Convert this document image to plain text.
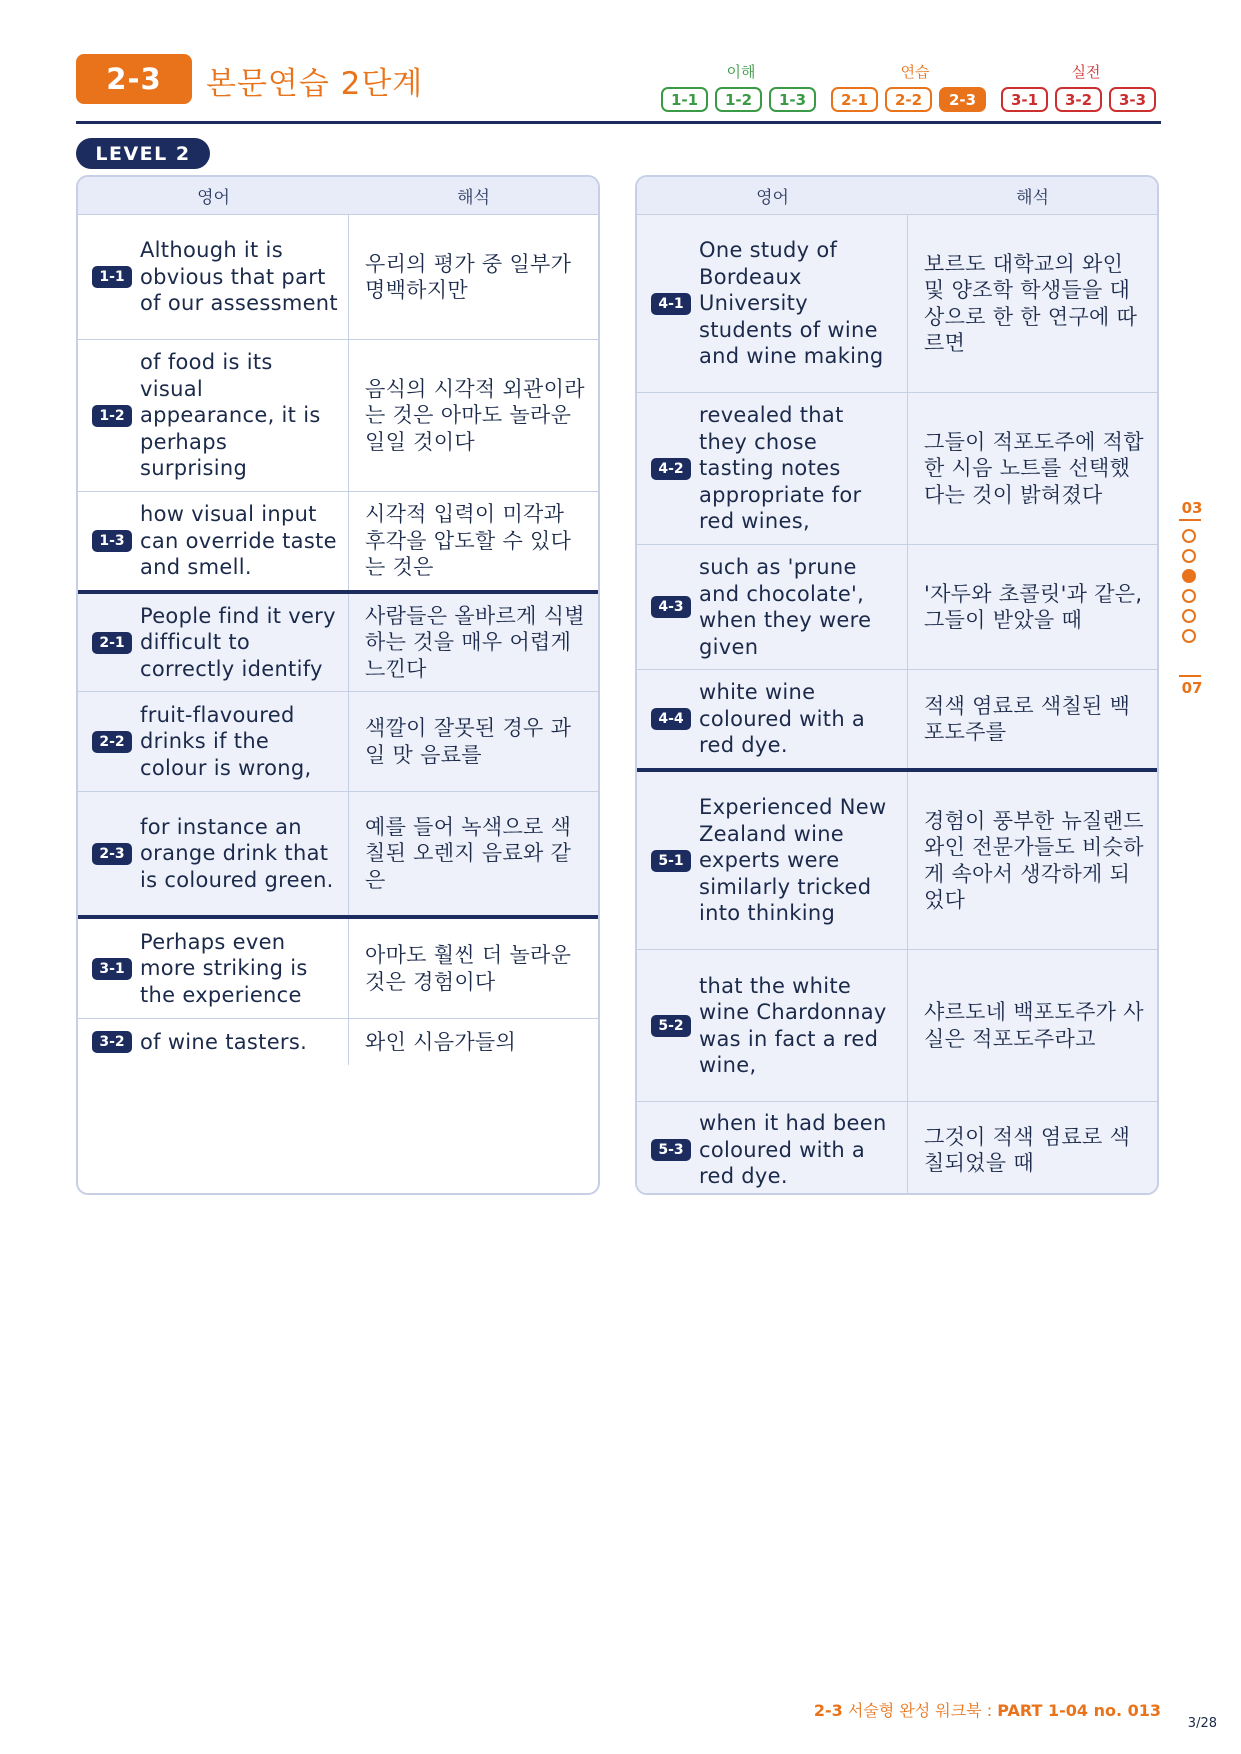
2-3	본문연습 2단계	이해	연습	실전
1-1	1-2	1-3	2-1	2-2	2-3	3-1	3-2	3-3
LEVEL 2
영어	해석
1-1
Although it is obvious that part of our assessment
우리의 평가 중 일부가 명백하지만
1-2
of food is its visual appearance, it is perhaps surprising
음식의 시각적 외관이라는 것은 아마도 놀라운 일일 것이다
1-3
how visual input can override taste and smell.
시각적 입력이 미각과 후각을 압도할 수 있다는 것은
2-1
People find it very difficult to correctly identify
사람들은 올바르게 식별하는 것을 매우 어렵게 느낀다
2-2
fruit-flavoured drinks if the colour is wrong,
색깔이 잘못된 경우 과일 맛 음료를
2-3
for instance an orange drink that is coloured green.
예를 들어 녹색으로 색칠된 오렌지 음료와 같은
3-1
Perhaps even more striking is the experience
아마도 훨씬 더 놀라운 것은 경험이다
3-2 of wine tasters.	와인 시음가들의
영어	해석
4-1
One study of Bordeaux University students of wine and wine making
보르도 대학교의 와인 및 양조학 학생들을 대상으로 한 한 연구에 따르면
4-2
revealed that they chose tasting notes appropriate for red wines,
그들이 적포도주에 적합한 시음 노트를 선택했다는 것이 밝혀졌다
4-3
such as 'prune and chocolate', when they were given
'자두와 초콜릿'과 같은, 그들이 받았을 때
4-4
white wine coloured with a red dye.
적색 염료로 색칠된 백포도주를
5-1
Experienced New Zealand wine experts were similarly tricked into thinking
경험이 풍부한 뉴질랜드 와인 전문가들도 비슷하게 속아서 생각하게 되었다
5-2
that the white wine Chardonnay was in fact a red wine,
샤르도네 백포도주가 사실은 적포도주라고
5-3
when it had been coloured with a red dye.
그것이 적색 염료로 색칠되었을 때
03
07
2-3 서술형 완성 워크북 : PART 1-04 no. 013
3/28
